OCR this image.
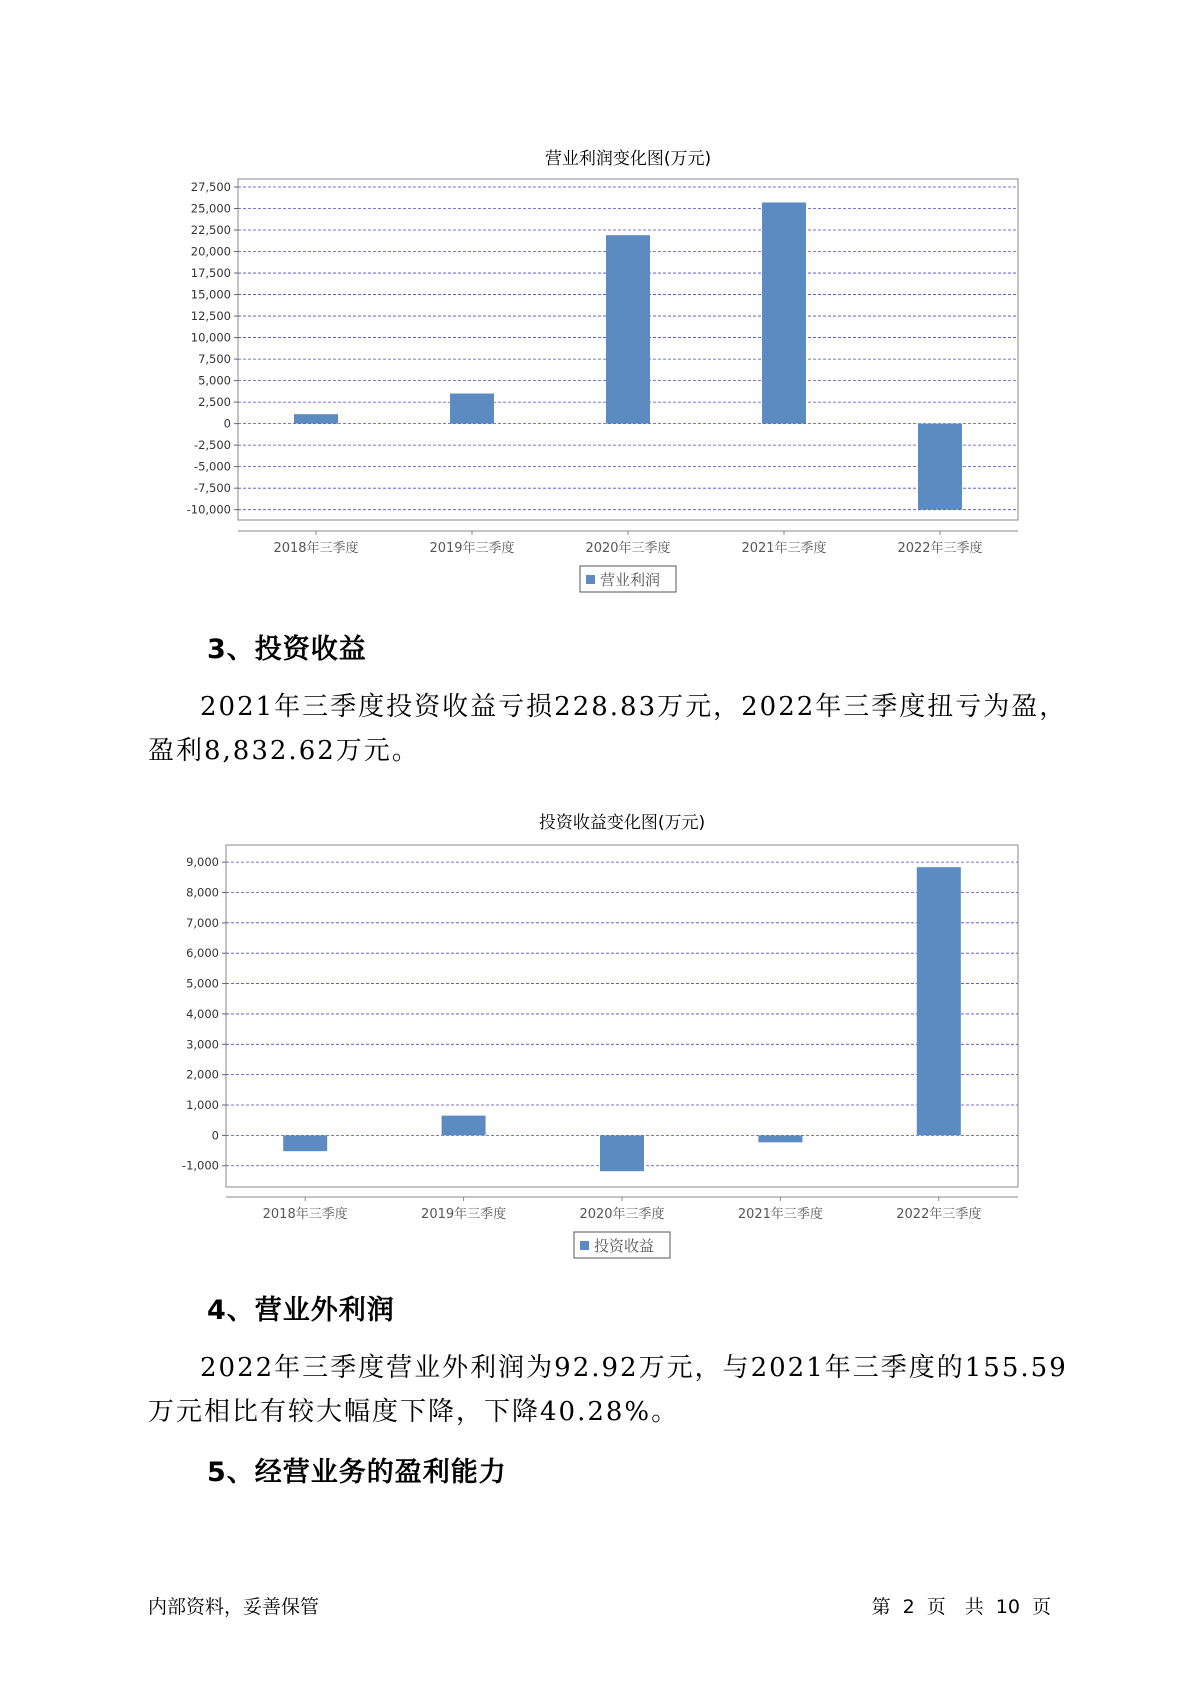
营业利润变化图(万元)
27,500
25,000
22,500
20,000
17,500
15,000
12,500
10,000
7,500
5,000
2,500
0
-2,500
-5,000
-7,500
-10,000
2018年三季度	2019年三季度	2020年三季度	2021年三季度	2022年三季度
营业利润
3、投资收益

2021年三季度投资收益亏损228.83万元，2022年三季度扭亏为盈，盈利8,832.62万元。

投资收益变化图(万元)
9,000
8,000
7,000
6,000
5,000
4,000
3,000
2,000
1,000
0
-1,000
2018年三季度	2019年三季度	2020年三季度	2021年三季度	2022年三季度
投资收益
4、营业外利润

2022年三季度营业外利润为92.92万元，与2021年三季度的155.59万元相比有较大幅度下降，下降40.28%。

5、经营业务的盈利能力
内部资料，妥善保管	第 2 页　共 10 页
